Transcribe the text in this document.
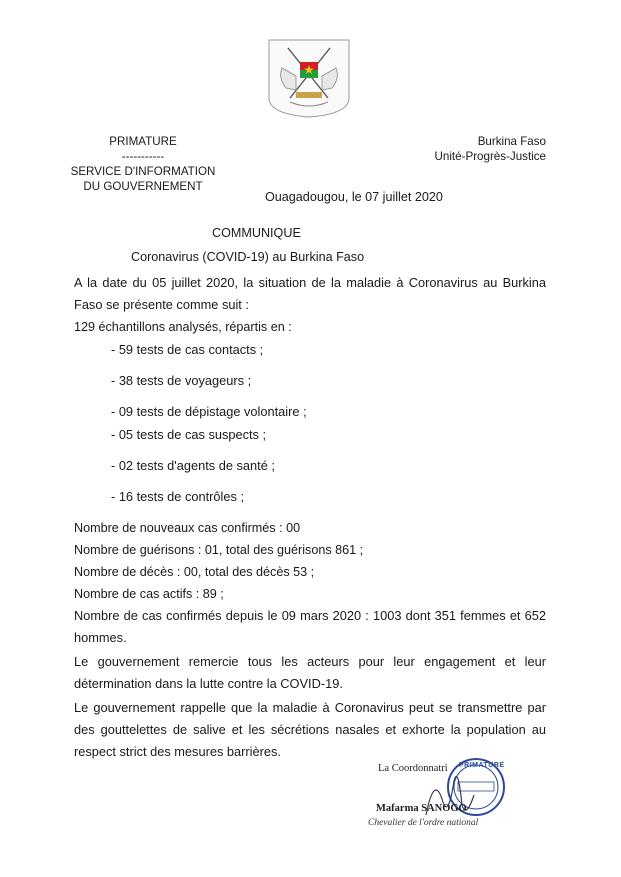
PRIMATURE
-----------
SERVICE D'INFORMATION
DU GOUVERNEMENT
Burkina Faso
Unité-Progrès-Justice
Ouagadougou, le 07 juillet 2020
COMMUNIQUE
Coronavirus (COVID-19) au Burkina Faso
A la date du 05 juillet 2020, la situation de la maladie à Coronavirus au Burkina Faso se présente comme suit :
129 échantillons analysés, répartis en :
- 59 tests de cas contacts ;
- 38 tests de voyageurs ;
- 09 tests de dépistage volontaire ;
- 05 tests de cas suspects ;
- 02 tests d'agents de santé ;
- 16 tests de contrôles ;
Nombre de nouveaux cas confirmés : 00
Nombre de guérisons : 01, total des guérisons 861 ;
Nombre de décès : 00, total des décès 53 ;
Nombre de cas actifs : 89 ;
Nombre de cas confirmés depuis le 09 mars 2020 : 1003 dont 351 femmes et 652 hommes.
Le gouvernement remercie tous les acteurs pour leur engagement et leur détermination dans la lutte contre la COVID-19.
Le gouvernement rappelle que la maladie à Coronavirus peut se transmettre par des gouttelettes de salive et les sécrétions nasales et exhorte la population au respect strict des mesures barrières.
La Coordonnatri PRIMATURE
Mafarma SANOGO
Chevalier de l'ordre national
